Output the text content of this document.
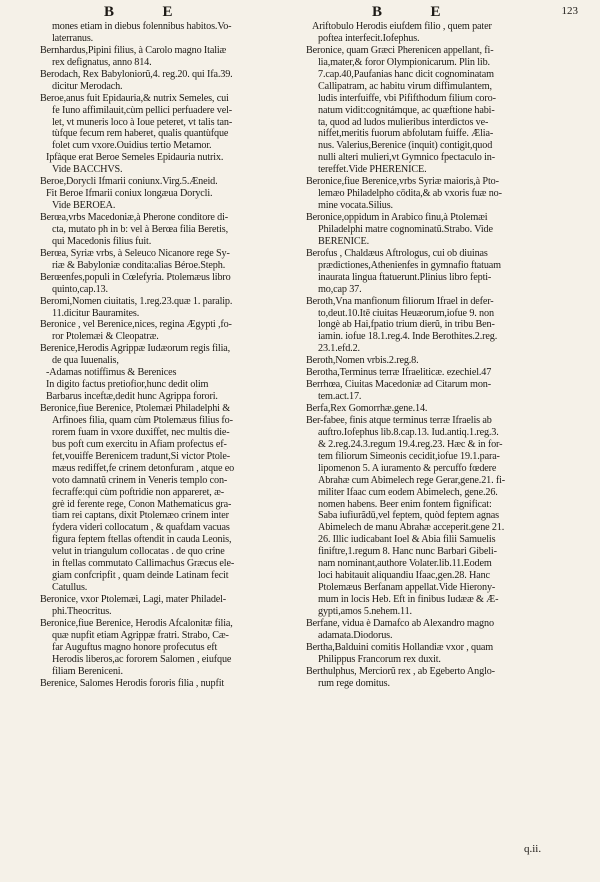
B          E	B          E	123
mones etiam in diebus folennibus habitos.Vo-
laterranus.
Bernhardus,Pipini filius, à Carolo magno Italiæ
rex defignatus, anno 814.
Berodach, Rex Babyloniorũ,4. reg.20. qui Ifa.39.
dicitur Merodach.
Beroe,anus fuit Epidauria,& nutrix Semeles, cui
fe Iuno affimilauit,cùm pellici perfuadere vel-
let, vt muneris loco à Ioue peteret, vt talis tan-
tùfque fecum rem haberet, qualis quantùfque
folet cum vxore.Ouidius tertio Metamor.
Ipfàque erat Beroe Semeles Epidauria nutrix.
Vide BACCHVS.
Beroe,Dorycli Ifmarii coniunx.Virg.5.Æneid.
Fit Beroe Ifmarii coniux longæua Dorycli.
Vide BEROEA.
Berœa,vrbs Macedoniæ,à Pherone conditore di-
cta, mutato ph in b: vel à Berœa filia Beretis,
qui Macedonis filius fuit.
Berœa, Syriæ vrbs, à Seleuco Nicanore rege Sy-
riæ & Babyloniæ condita:alias Béroe.Steph.
Berœenfes,populi in Cœlefyria. Ptolemæus libro
quinto,cap.13.
Beromi,Nomen ciuitatis, 1.reg.23.quæ 1. paralip.
11.dicitur Bauramites.
Beronice , vel Berenice,nices, regina Ægypti ,fo-
ror Ptolemæi & Cleopatræ.
Berenice,Herodis Agrippæ Iudæorum regis filia,
de qua Iuuenalis,
-Adamas notiffimus & Berenices
In digito factus pretiofior,hunc dedit olim
Barbarus inceftæ,dedit hunc Agrippa forori.
Beronice,fiue Berenice, Ptolemæi Philadelphi &
Arfinoes filia, quam cùm Ptolemæus filius fo-
rorem fuam in vxore duxiffet, nec multis die-
bus poft cum exercitu in Afiam profectus ef-
fet,vouiffe Berenicem tradunt,Si victor Ptole-
mæus rediffet,fe crinem detonfuram , atque eo
voto damnatũ crinem in Veneris templo con-
fecraffe:qui cùm poftridie non appareret, æ-
grè id ferente rege, Conon Mathematicus gra-
tiam rei captans, dixit Ptolemæo crinem inter
fydera videri collocatum , & quafdam vacuas
figura feptem ftellas oftendit in cauda Leonis,
velut in triangulum collocatas . de quo crine
in ftellas commutato Callimachus Græcus ele-
giam confcripfit , quam deinde Latinam fecit
Catullus.
Beronice, vxor Ptolemæi, Lagi, mater Philadel-
phi.Theocritus.
Beronice,fiue Berenice, Herodis Afcalonitæ filia,
quæ nupfit etiam Agrippæ fratri. Strabo, Cæ-
far Auguftus magno honore profecutus eft
Herodis liberos,ac fororem Salomen , eiufque
filiam Bereniceni.
Berenice, Salomes Herodis fororis filia , nupfit
Ariftobulo Herodis eiufdem filio , quem pater
poftea interfecit.Iofephus.
Beronice, quam Græci Pherenicen appellant, fi-
lia,mater,& foror Olympionicarum. Plin lib.
7.cap.40,Paufanias hanc dicit cognominatam
Callipatram, ac habitu virum diffimulantem,
ludis interfuiffe, vbi Pififthodum filium coro-
natum vidit:cognitámque, ac quæftione habi-
ta, quod ad ludos mulieribus interdictos ve-
niffet,meritis fuorum abfolutam fuiffe. Ælia-
nus. Valerius,Berenice (inquit) contigit,quod
nulli alteri mulieri,vt Gymnico fpectaculo in-
tereffet.Vide PHERENICE.
Beronice,fiue Berenice,vrbs Syriæ maioris,à Pto-
lemæo Philadelpho cōdita,& ab vxoris fuæ no-
mine vocata.Silius.
Beronice,oppidum in Arabico finu,à Ptolemæi
Philadelphi matre cognominatũ.Strabo. Vide
BERENICE.
Berofus , Chaldæus Aftrologus, cui ob diuinas
prædictiones,Athenienfes in gymnafio ftatuam
inaurata lingua ftatuerunt.Plinius libro fepti-
mo,cap 37.
Beroth,Vna manfionum filiorum Ifrael in defer-
to,deut.10.Itē ciuitas Heuæorum,iofue 9. non
longè ab Hai,fpatio trium dierũ, in tribu Ben-
iamin. iofue 18.1.reg.4. Inde Berothites.2.reg.
23.1.efd.2.
Beroth,Nomen vrbis.2.reg.8.
Berotha,Terminus terræ Ifraeliticæ. ezechiel.47
Berrhœa, Ciuitas Macedoniæ ad Citarum mon-
tem.act.17.
Berfa,Rex Gomorrhæ.gene.14.
Ber-fabee, finis atque terminus terræ Ifraelis ab
auftro.Iofephus lib.8.cap.13. Iud.antiq.1.reg.3.
& 2.reg.24.3.regum 19.4.reg.23. Hæc & in for-
tem filiorum Simeonis cecidit,iofue 19.1.para-
lipomenon 5. A iuramento & percuffo fœdere
Abrahæ cum Abimelech rege Gerar,gene.21. fi-
militer Ifaac cum eodem Abimelech, gene.26.
nomen habens. Beer enim fontem fignificat:
Saba iufiurãdū,vel feptem, quòd feptem agnas
Abimelech de manu Abrahæ acceperit.gene 21.
26. Illic iudicabant Ioel & Abia filii Samuelis
finiftre,1.regum 8. Hanc nunc Barbari Gibeli-
nam nominant,authore Volater.lib.11.Eodem
loci habitauit aliquandiu Ifaac,gen.28. Hanc
Ptolemæus Berfanam appellat.Vide Hierony-
mum in locis Heb. Eft in finibus Iudææ & Æ-
gypti,amos 5.nehem.11.
Berfane, vidua è Damafco ab Alexandro magno
adamata.Diodorus.
Bertha,Balduini comitis Hollandiæ vxor , quam
Philippus Francorum rex duxit.
Berthulphus, Merciorũ rex , ab Egeberto Anglo-
rum rege domitus.
q.ii.
